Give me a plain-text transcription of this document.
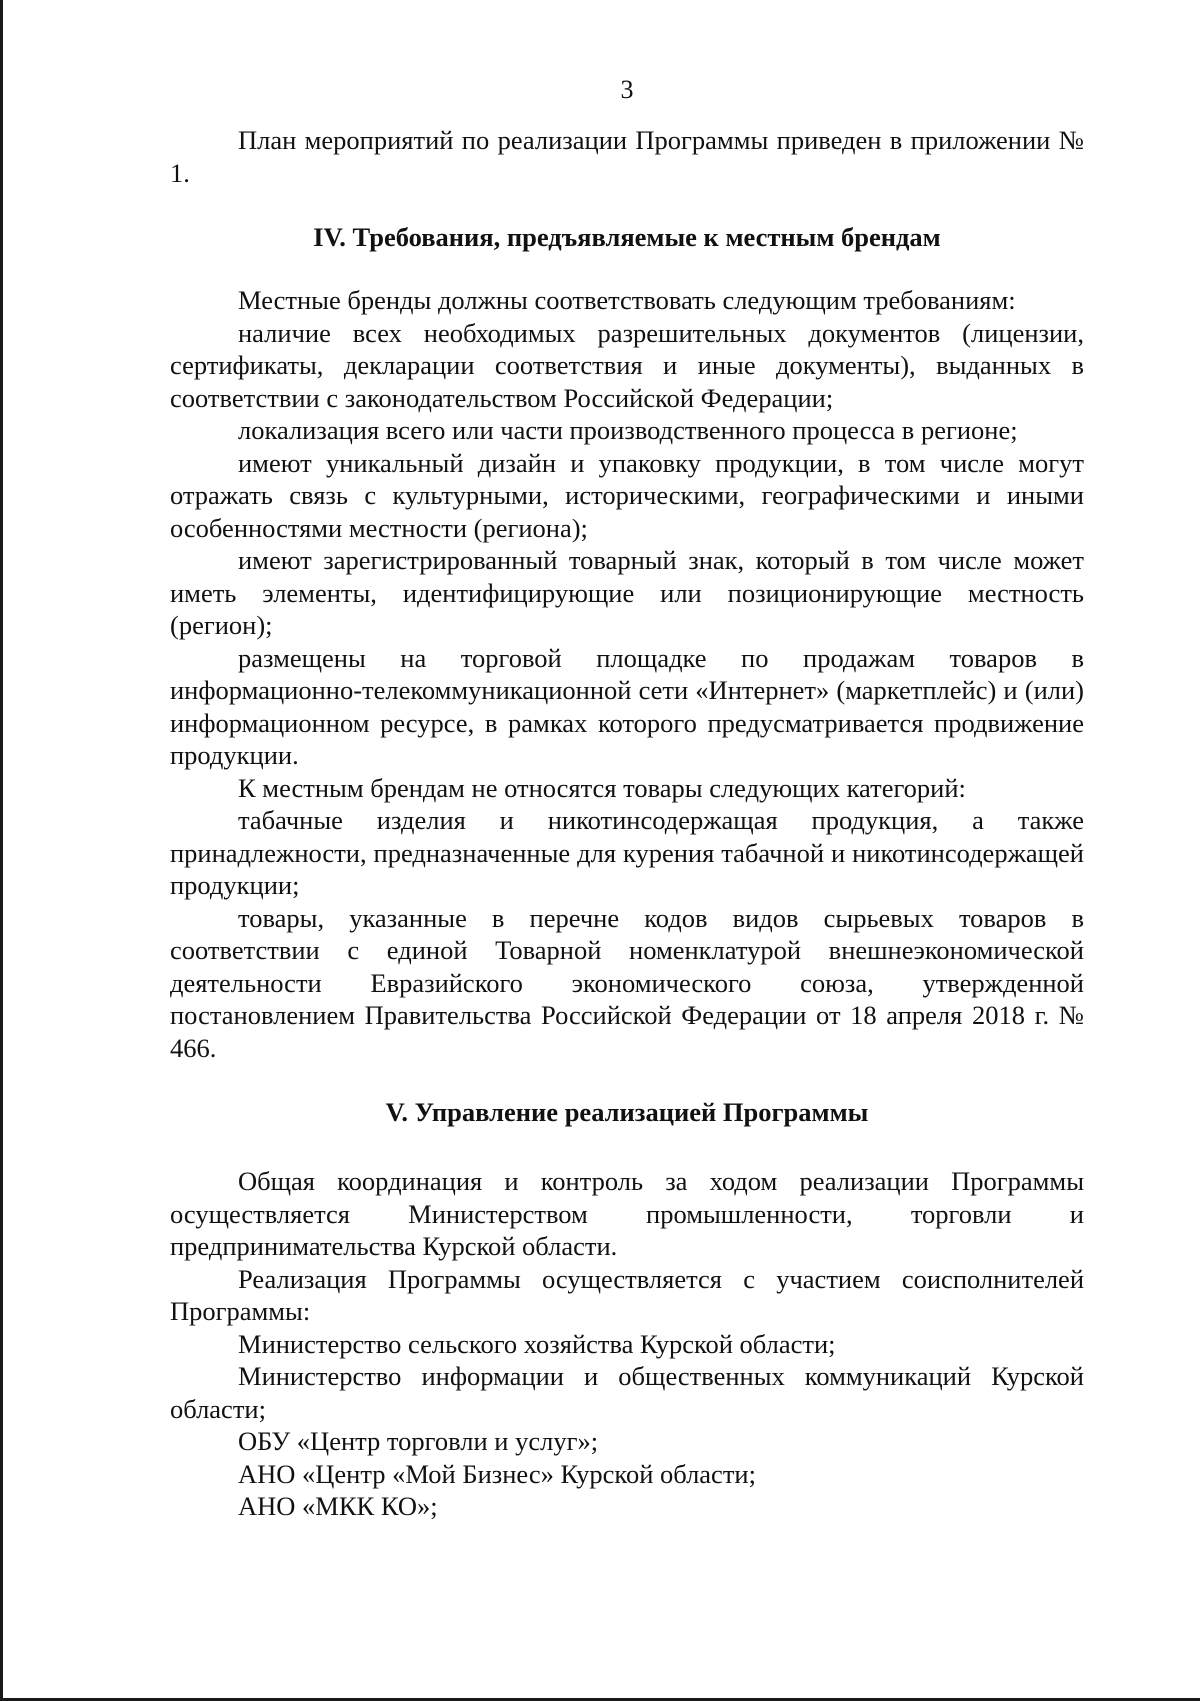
3

План мероприятий по реализации Программы приведен в приложении № 1.

IV. Требования, предъявляемые к местным брендам

Местные бренды должны соответствовать следующим требованиям:

наличие всех необходимых разрешительных документов (лицензии, сертификаты, декларации соответствия и иные документы), выданных в соответствии с законодательством Российской Федерации;

локализация всего или части производственного процесса в регионе;

имеют уникальный дизайн и упаковку продукции, в том числе могут отражать связь с культурными, историческими, географическими и иными особенностями местности (региона);

имеют зарегистрированный товарный знак, который в том числе может иметь элементы, идентифицирующие или позиционирующие местность (регион);

размещены на торговой площадке по продажам товаров в информационно-телекоммуникационной сети «Интернет» (маркетплейс) и (или) информационном ресурсе, в рамках которого предусматривается продвижение продукции.

К местным брендам не относятся товары следующих категорий:

табачные изделия и никотинсодержащая продукция, а также принадлежности, предназначенные для курения табачной и никотинсодержащей продукции;

товары, указанные в перечне кодов видов сырьевых товаров в соответствии с единой Товарной номенклатурой внешнеэкономической деятельности Евразийского экономического союза, утвержденной постановлением Правительства Российской Федерации от 18 апреля 2018 г. № 466.

V. Управление реализацией Программы

Общая координация и контроль за ходом реализации Программы осуществляется Министерством промышленности, торговли и предпринимательства Курской области.

Реализация Программы осуществляется с участием соисполнителей Программы:

Министерство сельского хозяйства Курской области;

Министерство информации и общественных коммуникаций Курской области;

ОБУ «Центр торговли и услуг»;

АНО «Центр «Мой Бизнес» Курской области;

АНО «МКК КО»;
